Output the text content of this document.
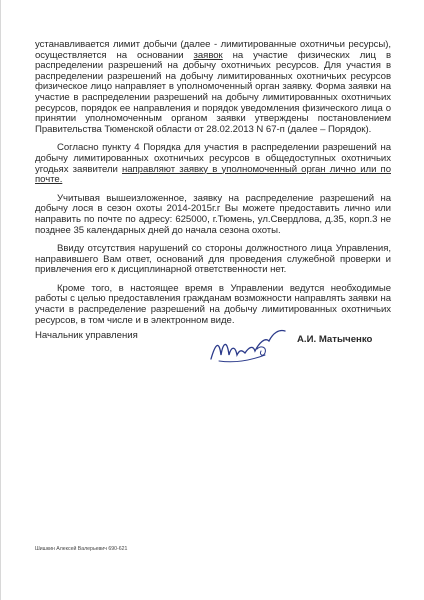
устанавливается лимит добычи (далее - лимитированные охотничьи ресурсы), осуществляется на основании заявок на участие физических лиц в распределении разрешений на добычу охотничьих ресурсов. Для участия в распределении разрешений на добычу лимитированных охотничьих ресурсов физическое лицо направляет в уполномоченный орган заявку. Форма заявки на участие в распределении разрешений на добычу лимитированных охотничьих ресурсов, порядок ее направления и порядок уведомления физического лица о принятии уполномоченным органом заявки утверждены постановлением Правительства Тюменской области от 28.02.2013 N 67-п (далее – Порядок).

Согласно пункту 4 Порядка для участия в распределении разрешений на добычу лимитированных охотничьих ресурсов в общедоступных охотничьих угодьях заявители направляют заявку в уполномоченный орган лично или по почте.

Учитывая вышеизложенное, заявку на распределение разрешений на добычу лося в сезон охоты 2014-2015г.г Вы можете предоставить лично или направить по почте по адресу: 625000, г.Тюмень, ул.Свердлова, д.35, корп.3 не позднее 35 календарных дней до начала сезона охоты.

Ввиду отсутствия нарушений со стороны должностного лица Управления, направившего Вам ответ, оснований для проведения служебной проверки и привлечения его к дисциплинарной ответственности нет.

Кроме того, в настоящее время в Управлении ведутся необходимые работы с целью предоставления гражданам возможности направлять заявки на участи в распределение разрешений на добычу лимитированных охотничьих ресурсов, в том числе и в электронном виде.

Начальник управления	А.И. Матыченко
Шишкин Алексей Валерьевич 690-621
